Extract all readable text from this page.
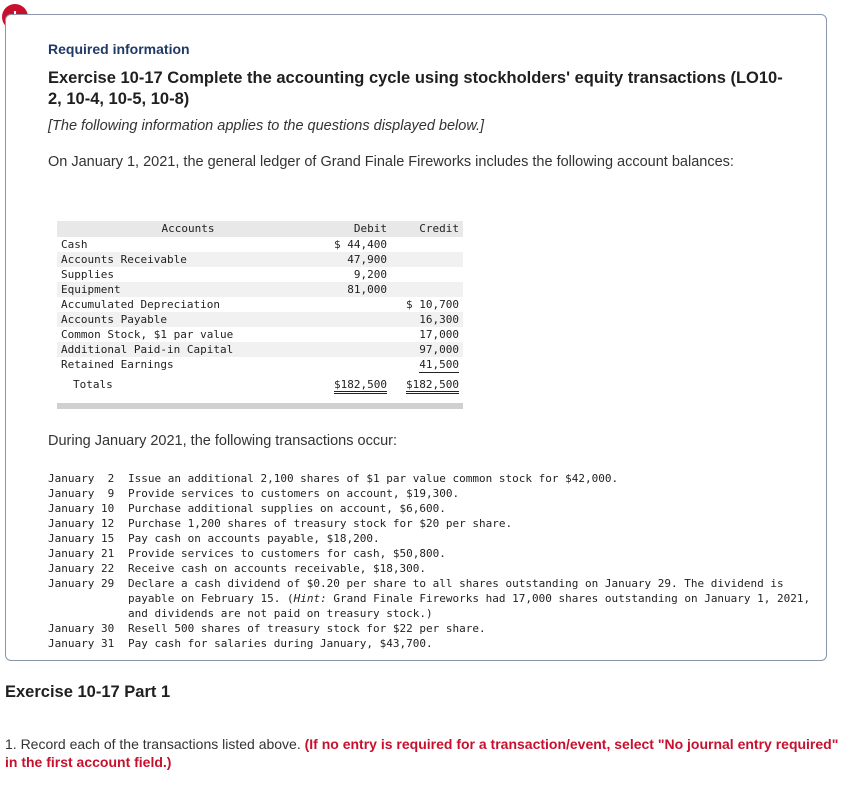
Required information

Exercise 10-17 Complete the accounting cycle using stockholders' equity transactions (LO10-2, 10-4, 10-5, 10-8)
[The following information applies to the questions displayed below.]
On January 1, 2021, the general ledger of Grand Finale Fireworks includes the following account balances:
Accounts	Debit	Credit
Cash	$ 44,400	
Accounts Receivable	47,900	
Supplies	9,200	
Equipment	81,000	
Accumulated Depreciation		$ 10,700
Accounts Payable		16,300
Common Stock, $1 par value		17,000
Additional Paid-in Capital		97,000
Retained Earnings		41,500
Totals	$182,500	$182,500
During January 2021, the following transactions occur:
January  2	Issue an additional 2,100 shares of $1 par value common stock for $42,000.
January  9	Provide services to customers on account, $19,300.
January 10	Purchase additional supplies on account, $6,600.
January 12	Purchase 1,200 shares of treasury stock for $20 per share.
January 15	Pay cash on accounts payable, $18,200.
January 21	Provide services to customers for cash, $50,800.
January 22	Receive cash on accounts receivable, $18,300.
January 29	Declare a cash dividend of $0.20 per share to all shares outstanding on January 29. The dividend is payable on February 15. (Hint: Grand Finale Fireworks had 17,000 shares outstanding on January 1, 2021, and dividends are not paid on treasury stock.)
January 30	Resell 500 shares of treasury stock for $22 per share.
January 31	Pay cash for salaries during January, $43,700.
Exercise 10-17 Part 1
1. Record each of the transactions listed above. (If no entry is required for a transaction/event, select "No journal entry required" in the first account field.)
